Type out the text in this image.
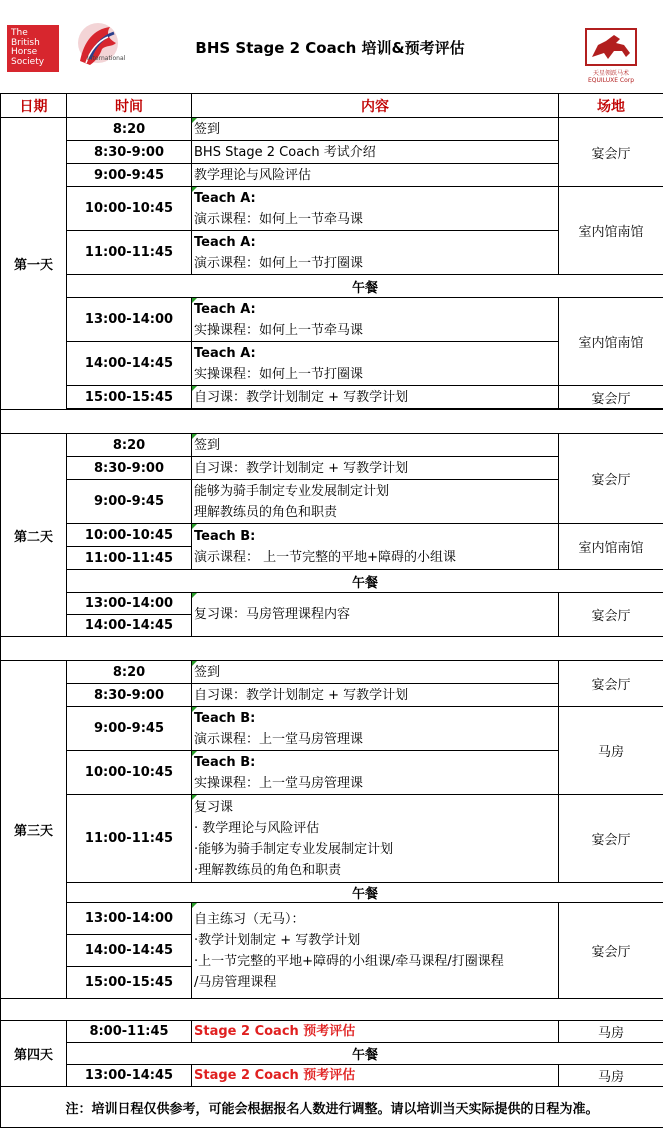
The
British
Horse
Society	International
BHS Stage 2 Coach 培训&预考评估
天星领跃马术
EQUILUXE Corp
日期	时间	内容	场地
第一天	8:20	签到	宴会厅
	8:30-9:00	BHS Stage 2 Coach 考试介绍	
	9:00-9:45	教学理论与风险评估	
	10:00-10:45	Teach A:
演示课程：如何上一节牵马课	室内馆南馆
	11:00-11:45	Teach A:
演示课程：如何上一节打圈课	

	午餐		
	13:00-14:00	Teach A:
实操课程：如何上一节牵马课	室内馆南馆
	14:00-14:45	Teach A:
实操课程：如何上一节打圈课	

	15:00-15:45	自习课：教学计划制定 + 写教学计划	宴会厅

第二天	8:20	签到	宴会厅
	8:30-9:00	自习课：教学计划制定 + 写教学计划	
	9:00-9:45	能够为骑手制定专业发展制定计划
理解教练员的角色和职责	

	10:00-10:45	Teach B:
演示课程： 上一节完整的平地+障碍的小组课	室内馆南馆
	11:00-11:45		
	午餐		
	13:00-14:00	复习课：马房管理课程内容	宴会厅
	14:00-14:45		

第三天	8:20	签到	宴会厅
	8:30-9:00	自习课：教学计划制定 + 写教学计划	
	9:00-9:45	Teach B:
演示课程：上一堂马房管理课	马房
	10:00-10:45	Teach B:
实操课程：上一堂马房管理课	

	11:00-11:45	复习课
· 教学理论与风险评估
·能够为骑手制定专业发展制定计划
·理解教练员的角色和职责	宴会厅
	午餐		
	13:00-14:00	自主练习（无马）：
·教学计划制定 + 写教学计划
·上一节完整的平地+障碍的小组课/牵马课程/打圈课程
/马房管理课程	宴会厅
	14:00-14:45		
	15:00-15:45		

第四天	8:00-11:45	Stage 2 Coach 预考评估	马房
	午餐		
	13:00-14:45	Stage 2 Coach 预考评估	马房
注：培训日程仅供参考，可能会根据报名人数进行调整。请以培训当天实际提供的日程为准。			
